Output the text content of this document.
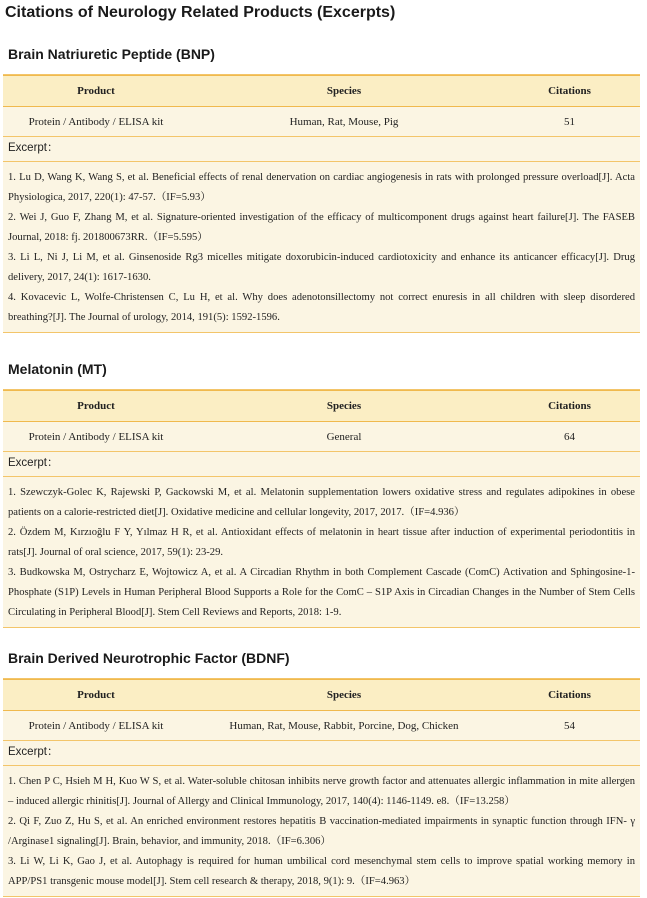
Citations of Neurology Related Products (Excerpts)
Brain Natriuretic Peptide (BNP)
Product	Species	Citations
Protein / Antibody / ELISA kit	Human, Rat, Mouse, Pig	51
Excerpt：

1. Lu D, Wang K, Wang S, et al. Beneficial effects of renal denervation on cardiac angiogenesis in rats with prolonged pressure overload[J]. Acta Physiologica, 2017, 220(1): 47-57.（IF=5.93）

2. Wei J, Guo F, Zhang M, et al. Signature-oriented investigation of the efficacy of multicomponent drugs against heart failure[J]. The FASEB Journal, 2018: fj. 201800673RR.（IF=5.595）

3. Li L, Ni J, Li M, et al. Ginsenoside Rg3 micelles mitigate doxorubicin-induced cardiotoxicity and enhance its anticancer efficacy[J]. Drug delivery, 2017, 24(1): 1617-1630.

4. Kovacevic L, Wolfe-Christensen C, Lu H, et al. Why does adenotonsillectomy not correct enuresis in all children with sleep disordered breathing?[J]. The Journal of urology, 2014, 191(5): 1592-1596.

Melatonin (MT)
Product	Species	Citations
Protein / Antibody / ELISA kit	General	64
Excerpt：

1. Szewczyk-Golec K, Rajewski P, Gackowski M, et al. Melatonin supplementation lowers oxidative stress and regulates adipokines in obese patients on a calorie-restricted diet[J]. Oxidative medicine and cellular longevity, 2017, 2017.（IF=4.936）

2. Özdem M, Kırzıoğlu F Y, Yılmaz H R, et al. Antioxidant effects of melatonin in heart tissue after induction of experimental periodontitis in rats[J]. Journal of oral science, 2017, 59(1): 23-29.

3. Budkowska M, Ostrycharz E, Wojtowicz A, et al. A Circadian Rhythm in both Complement Cascade (ComC) Activation and Sphingosine-1-Phosphate (S1P) Levels in Human Peripheral Blood Supports a Role for the ComC – S1P Axis in Circadian Changes in the Number of Stem Cells Circulating in Peripheral Blood[J]. Stem Cell Reviews and Reports, 2018: 1-9.

Brain Derived Neurotrophic Factor (BDNF)
Product	Species	Citations
Protein / Antibody / ELISA kit	Human, Rat, Mouse, Rabbit, Porcine, Dog, Chicken	54
Excerpt：

1. Chen P C, Hsieh M H, Kuo W S, et al. Water-soluble chitosan inhibits nerve growth factor and attenuates allergic inflammation in mite allergen – induced allergic rhinitis[J]. Journal of Allergy and Clinical Immunology, 2017, 140(4): 1146-1149. e8.（IF=13.258）

2. Qi F, Zuo Z, Hu S, et al. An enriched environment restores hepatitis B vaccination-mediated impairments in synaptic function through IFN- γ /Arginase1 signaling[J]. Brain, behavior, and immunity, 2018.（IF=6.306）

3. Li W, Li K, Gao J, et al. Autophagy is required for human umbilical cord mesenchymal stem cells to improve spatial working memory in APP/PS1 transgenic mouse model[J]. Stem cell research & therapy, 2018, 9(1): 9.（IF=4.963）
